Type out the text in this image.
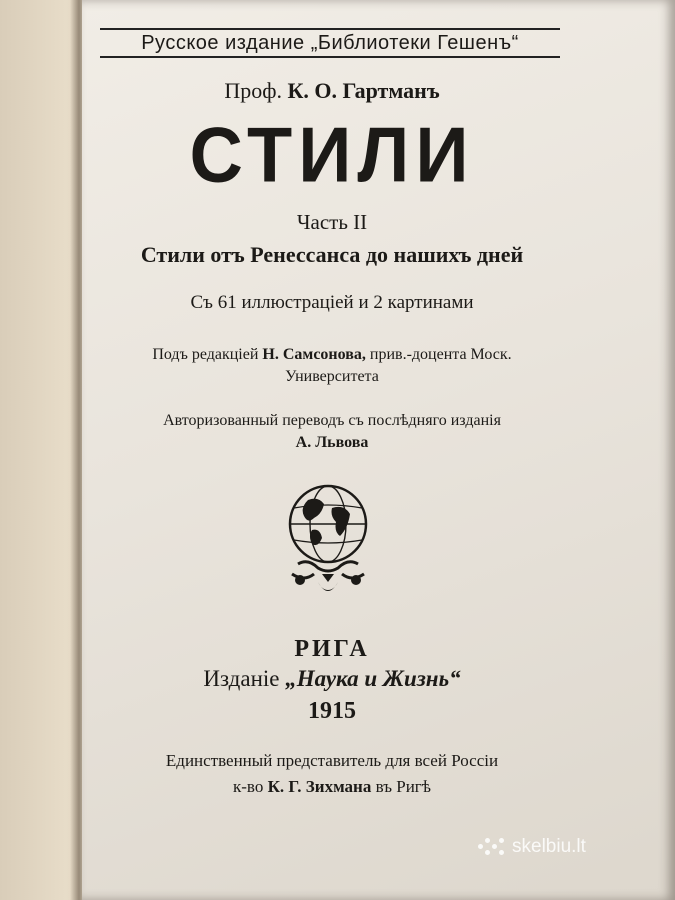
Русское издание „Библиотеки Гешенъ“
Проф. К. О. Гартманъ
СТИЛИ
Часть II
Стили отъ Ренессанса до нашихъ дней
Съ 61 иллюстрацiей и 2 картинами
Подъ редакцiей Н. Самсонова, прив.-доцента Моск.
Университета
Авторизованный переводъ съ послѣдняго изданiя
А. Львова
РИГА
Изданiе „Наука и Жизнь“
1915
Единственный представитель для всей Россiи
к-во К. Г. Зихмана въ Ригѣ
skelbiu.lt
